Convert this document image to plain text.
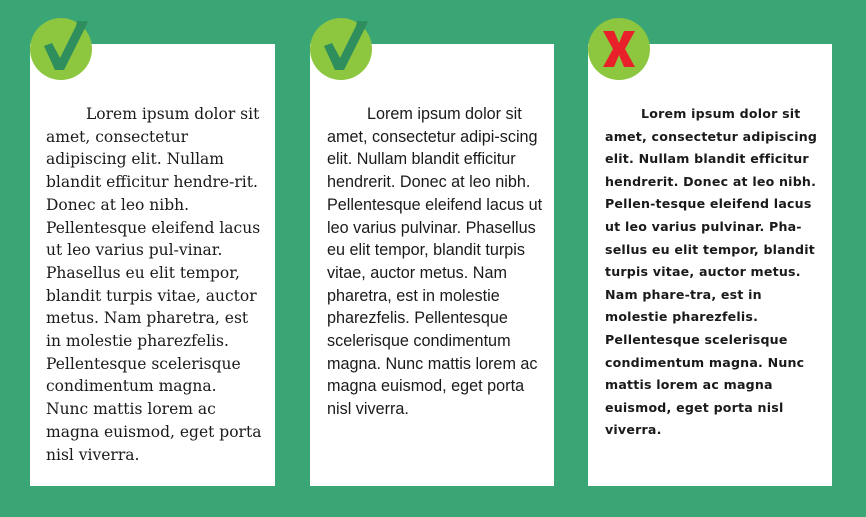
Lorem ipsum dolor sit amet, consectetur adipiscing elit. Nullam blandit efficitur hendre-rit. Donec at leo nibh. Pellentesque eleifend lacus ut leo varius pul-vinar. Phasellus eu elit tempor, blandit turpis vitae, auctor metus. Nam pharetra, est in molestie pharezfelis. Pellentesque scelerisque condimentum magna. Nunc mattis lorem ac magna euismod, eget porta nisl viverra.

Lorem ipsum dolor sit amet, consectetur adipi-scing elit. Nullam blandit efficitur hendrerit. Donec at leo nibh. Pellentesque eleifend lacus ut leo varius pulvinar. Phasellus eu elit tempor, blandit turpis vitae, auctor metus. Nam pharetra, est in molestie pharezfelis. Pellentesque scelerisque condimentum magna. Nunc mattis lorem ac magna euismod, eget porta nisl viverra.

Lorem ipsum dolor sit amet, consectetur adipiscing elit. Nullam blandit efficitur hendrerit. Donec at leo nibh. Pellen-tesque eleifend lacus ut leo varius pulvinar. Pha-sellus eu elit tempor, blandit turpis vitae, auctor metus. Nam phare-tra, est in molestie pharezfelis. Pellentesque scelerisque condimentum magna. Nunc mattis lorem ac magna euismod, eget porta nisl viverra.
